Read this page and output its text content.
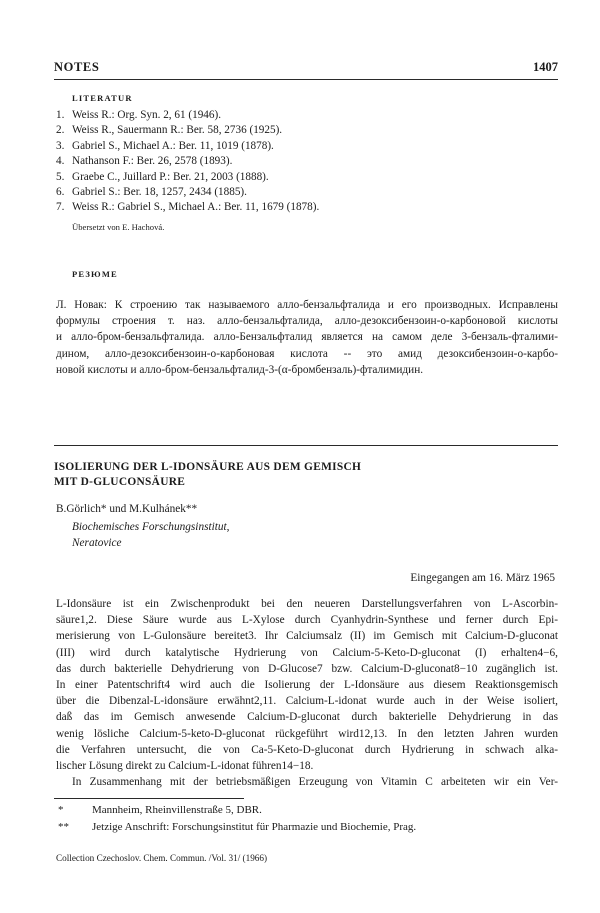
NOTES	1407
LITERATUR
1. Weiss R.: Org. Syn. 2, 61 (1946).
2. Weiss R., Sauermann R.: Ber. 58, 2736 (1925).
3. Gabriel S., Michael A.: Ber. 11, 1019 (1878).
4. Nathanson F.: Ber. 26, 2578 (1893).
5. Graebe C., Juillard P.: Ber. 21, 2003 (1888).
6. Gabriel S.: Ber. 18, 1257, 2434 (1885).
7. Weiss R.: Gabriel S., Michael A.: Ber. 11, 1679 (1878).
Übersetzt von E. Hachová.
РЕЗЮМЕ
Л. Новак: К строению так называемого алло-бензальфталида и его производных. Исправлены
формулы строения т. наз. алло-бензальфталида, алло-дезоксибензоин-о-карбоновой кислоты
и алло-бром-бензальфталида. алло-Бензальфталид является на самом деле 3-бензаль-фталими-
дином, алло-дезоксибензоин-о-карбоновая кислота -- это амид дезоксибензоин-о-карбо-
новой кислоты и алло-бром-бензальфталид-3-(α-бромбензаль)-фталимидин.
ISOLIERUNG DER L-IDONSÄURE AUS DEM GEMISCH
MIT D-GLUCONSÄURE
B.Görlich* und M.Kulhánek**
Biochemisches Forschungsinstitut,
Neratovice
Eingegangen am 16. März 1965
L-Idonsäure ist ein Zwischenprodukt bei den neueren Darstellungsverfahren von L-Ascorbin-
säure1,2. Diese Säure wurde aus L-Xylose durch Cyanhydrin-Synthese und ferner durch Epi-
merisierung von L-Gulonsäure bereitet3. Ihr Calciumsalz (II) im Gemisch mit Calcium-D-gluconat
(III) wird durch katalytische Hydrierung von Calcium-5-Keto-D-gluconat (I) erhalten4−6,
das durch bakterielle Dehydrierung von D-Glucose7 bzw. Calcium-D-gluconat8−10 zugänglich ist.
In einer Patentschrift4 wird auch die Isolierung der L-Idonsäure aus diesem Reaktionsgemisch
über die Dibenzal-L-idonsäure erwähnt2,11. Calcium-L-idonat wurde auch in der Weise isoliert,
daß das im Gemisch anwesende Calcium-D-gluconat durch bakterielle Dehydrierung in das
wenig lösliche Calcium-5-keto-D-gluconat rückgeführt wird12,13. In den letzten Jahren wurden
die Verfahren untersucht, die von Ca-5-Keto-D-gluconat durch Hydrierung in schwach alka-
lischer Lösung direkt zu Calcium-L-idonat führen14−18.
In Zusammenhang mit der betriebsmäßigen Erzeugung von Vitamin C arbeiteten wir ein Ver-
*	Mannheim, Rheinvillenstraße 5, DBR.
** Jetzige Anschrift: Forschungsinstitut für Pharmazie und Biochemie, Prag.
Collection Czechoslov. Chem. Commun. /Vol. 31/ (1966)
